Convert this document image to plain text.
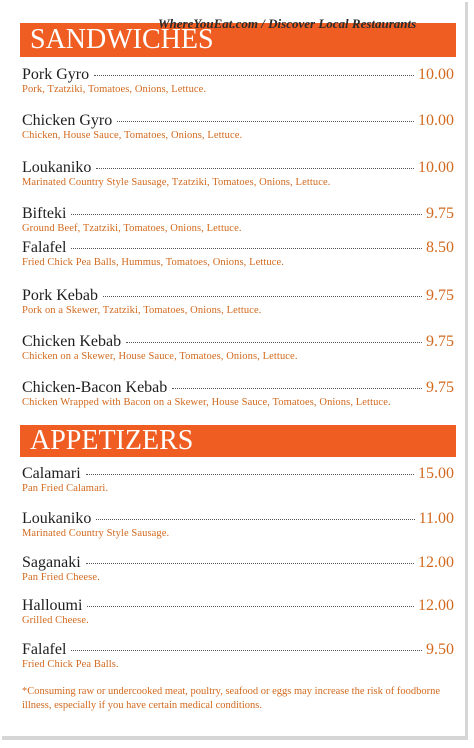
WhereYouEat.com / Discover Local Restaurants
SANDWICHES
Pork Gyro	10.00
Pork, Tzatziki, Tomatoes, Onions, Lettuce.
Chicken Gyro	10.00
Chicken, House Sauce, Tomatoes, Onions, Lettuce.
Loukaniko	10.00
Marinated Country Style Sausage, Tzatziki, Tomatoes, Onions, Lettuce.
Bifteki	9.75
Ground Beef, Tzatziki, Tomatoes, Onions, Lettuce.
Falafel	8.50
Fried Chick Pea Balls, Hummus, Tomatoes, Onions, Lettuce.
Pork Kebab	9.75
Pork on a Skewer, Tzatziki, Tomatoes, Onions, Lettuce.
Chicken Kebab	9.75
Chicken on a Skewer, House Sauce, Tomatoes, Onions, Lettuce.
Chicken-Bacon Kebab	9.75
Chicken Wrapped with Bacon on a Skewer, House Sauce, Tomatoes, Onions, Lettuce.
APPETIZERS
Calamari	15.00
Pan Fried Calamari.
Loukaniko	11.00
Marinated Country Style Sausage.
Saganaki	12.00
Pan Fried Cheese.
Halloumi	12.00
Grilled Cheese.
Falafel	9.50
Fried Chick Pea Balls.
*Consuming raw or undercooked meat, poultry, seafood or eggs may increase the risk of foodborne illness, especially if you have certain medical conditions.
